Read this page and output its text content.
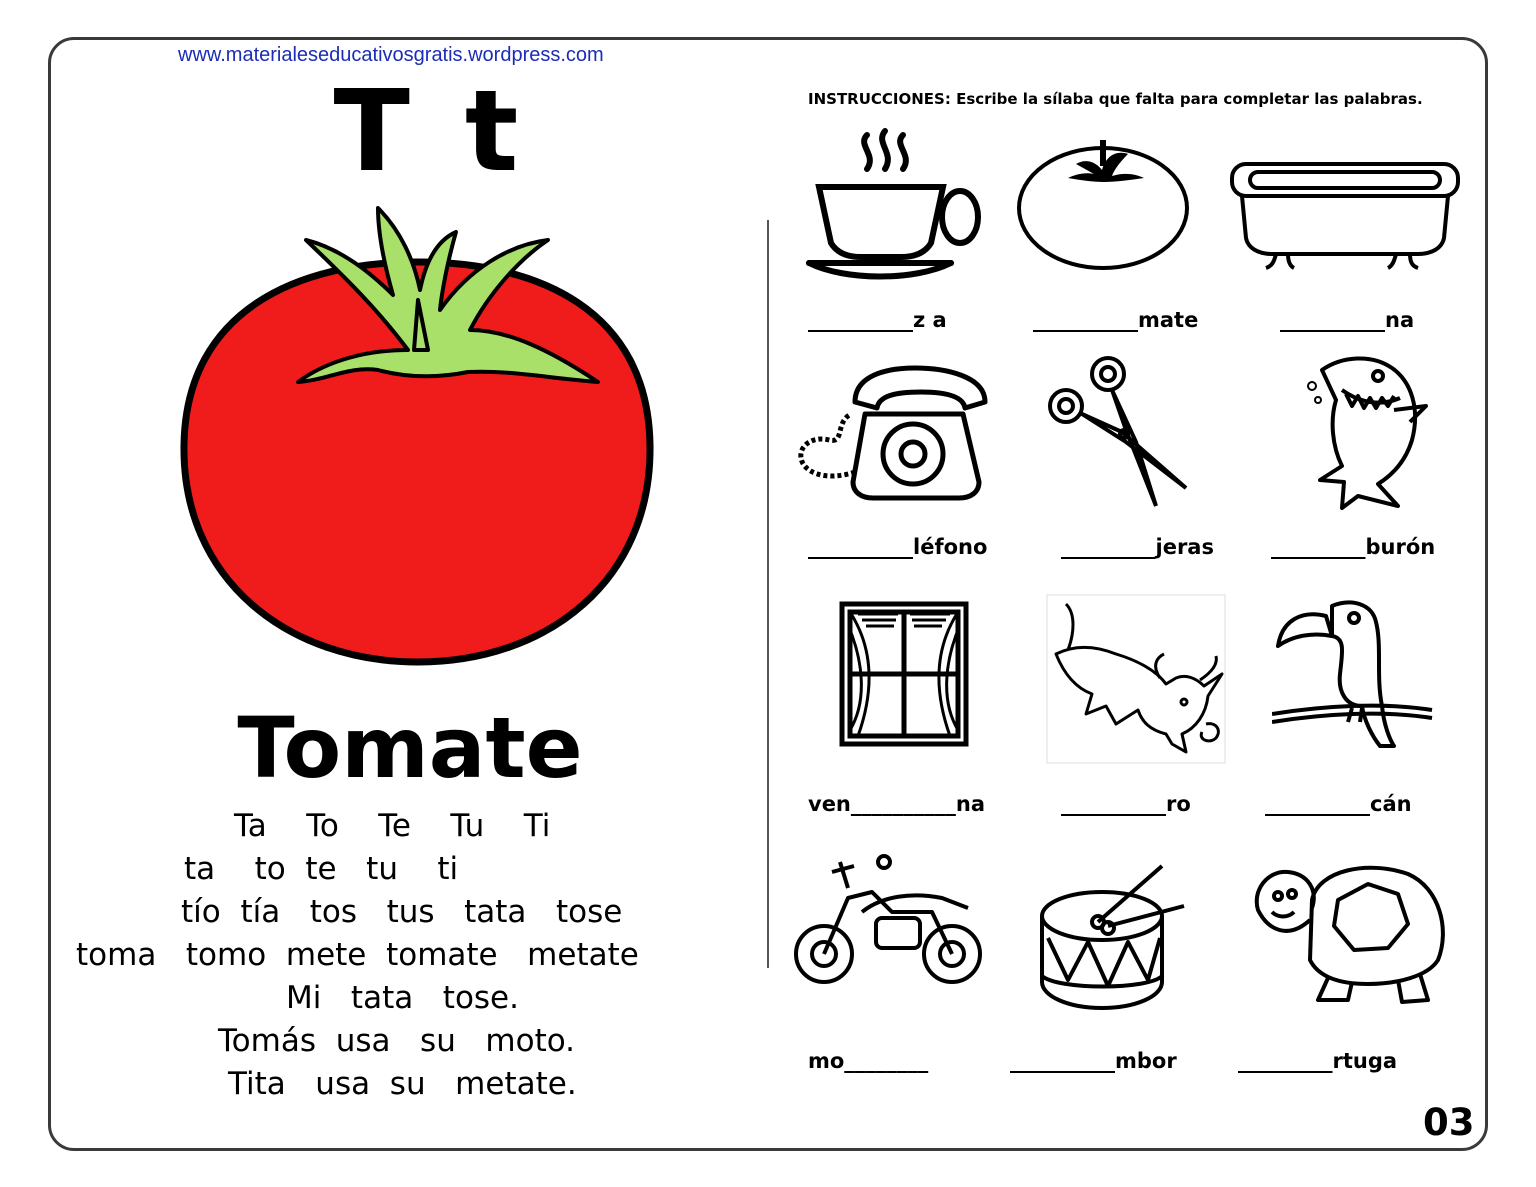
www.materialeseducativosgratis.wordpress.com
T t
Tomate
Ta    To    Te    Tu    Ti
ta    to  te   tu    ti
tío  tía   tos   tus   tata   tose
toma   tomo  mete  tomate   metate
Mi   tata   tose.
Tomás  usa   su   moto.
Tita   usa  su   metate.
INSTRUCCIONES: Escribe la sílaba que falta para completar las palabras.
__________z a	__________mate	__________na
__________léfono	_________jeras	_________burón
ven__________na	__________ro	__________cán
mo________	__________mbor	_________rtuga
03
